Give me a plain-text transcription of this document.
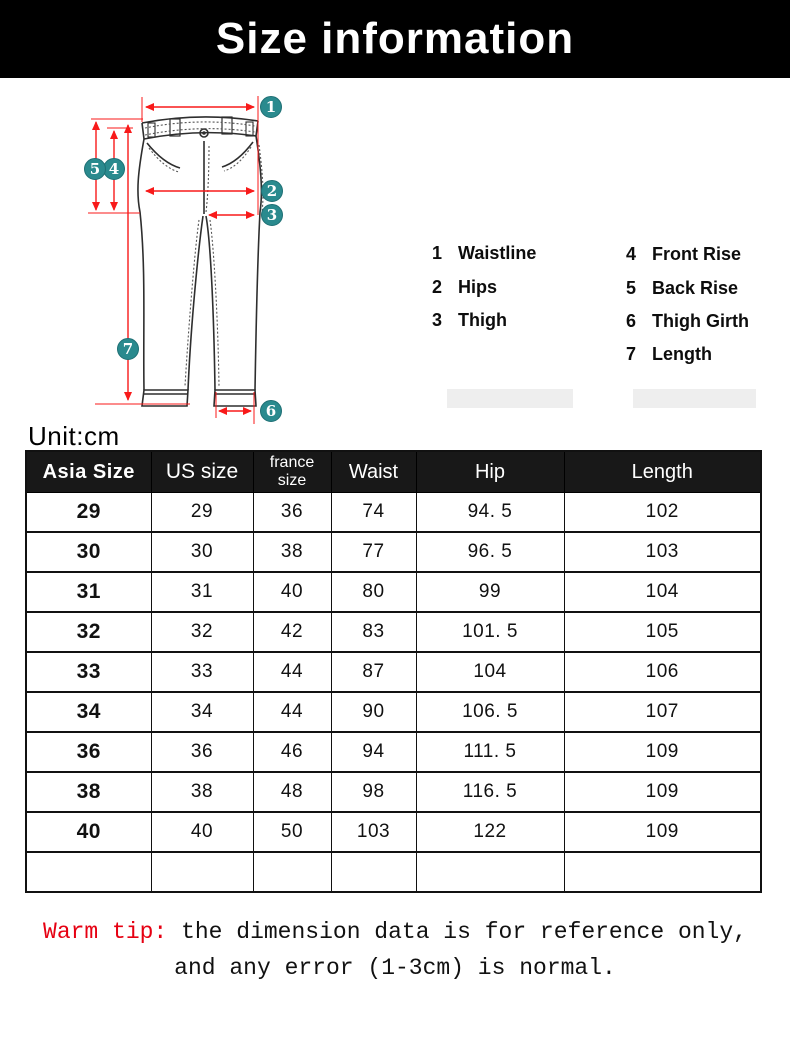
Size information
1
2
3
4
5
6
7
1 Waistline
2 Hips
3 Thigh
4 Front Rise
5 Back Rise
6 Thigh Girth
7 Length
Unit:cm
Asia Size	US size	france size	Waist	Hip	Length
29	29	36	74	94. 5	102
30	30	38	77	96. 5	103
31	31	40	80	99	104
32	32	42	83	101. 5	105
33	33	44	87	104	106
34	34	44	90	106. 5	107
36	36	46	94	111. 5	109
38	38	48	98	116. 5	109
40	40	50	103	122	109

Warm tip: the dimension data is for reference only,
and any error (1-3cm) is normal.
